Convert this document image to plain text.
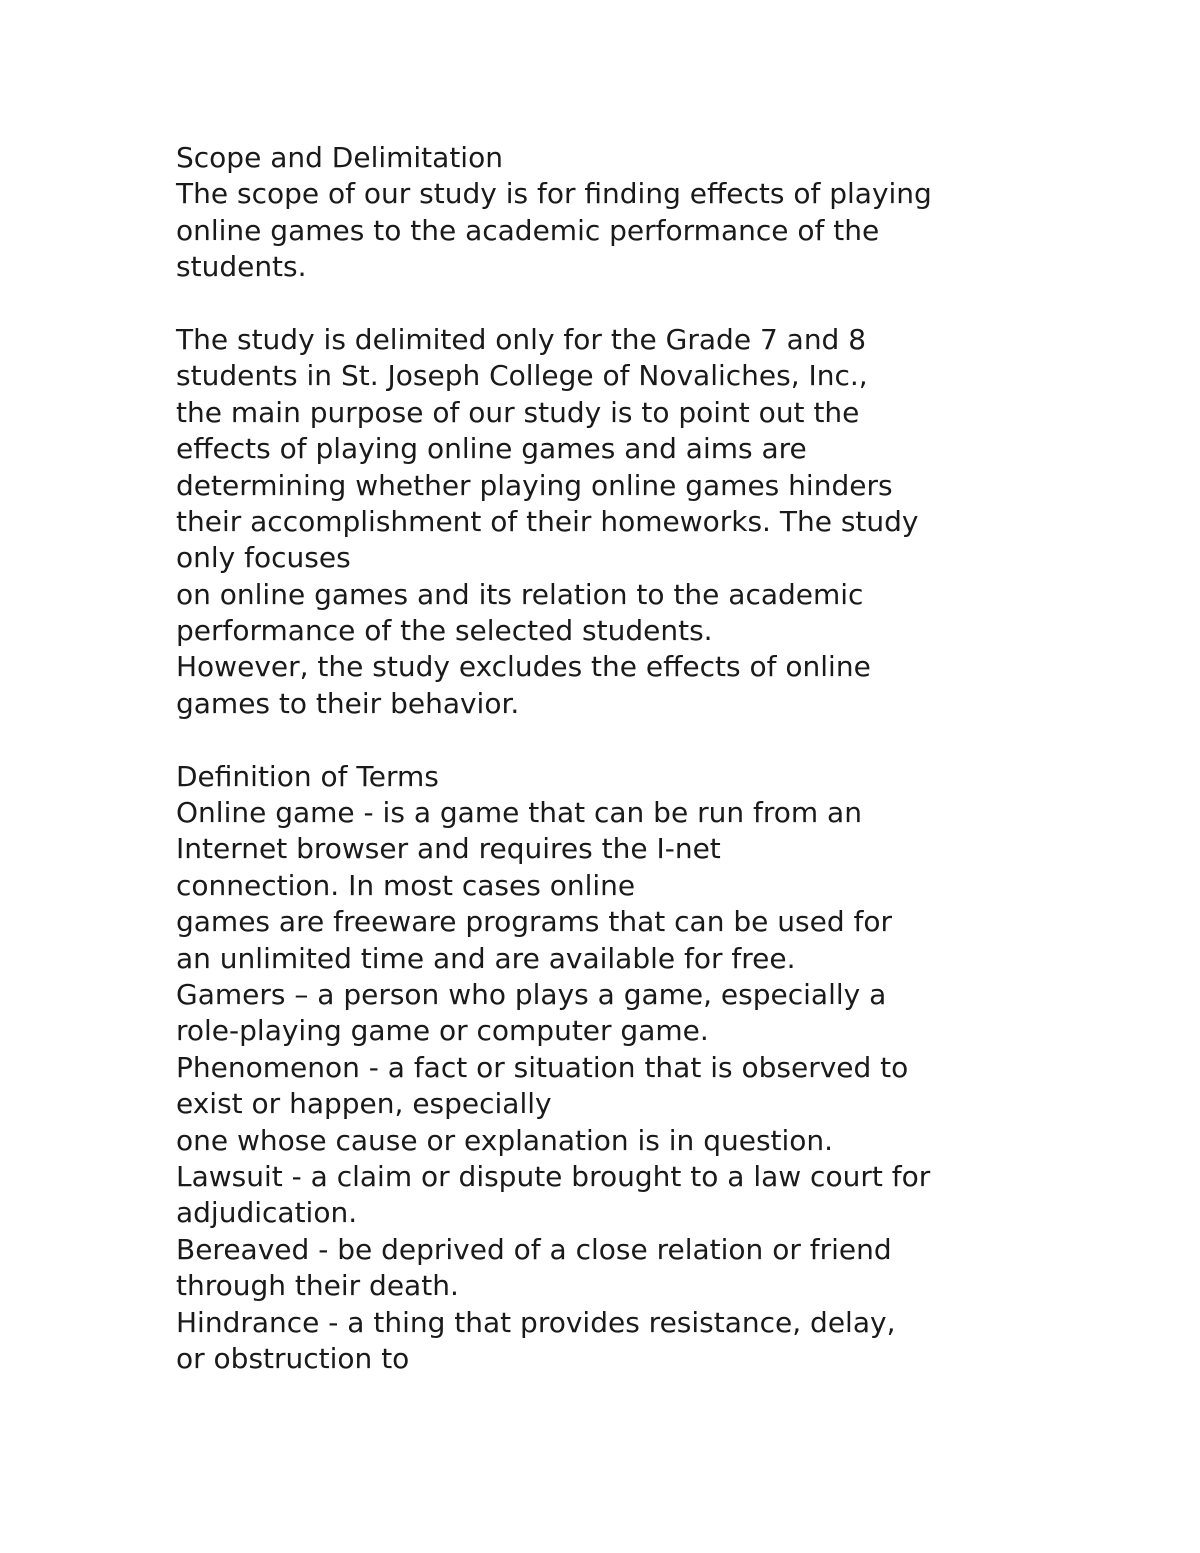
Scope and Delimitation
The scope of our study is for finding effects of playing
online games to the academic performance of the
students.
The study is delimited only for the Grade 7 and 8
students in St. Joseph College of Novaliches, Inc.,
the main purpose of our study is to point out the
effects of playing online games and aims are
determining whether playing online games hinders
their accomplishment of their homeworks. The study
only focuses
on online games and its relation to the academic
performance of the selected students.
However, the study excludes the effects of online
games to their behavior.
Definition of Terms
Online game - is a game that can be run from an
Internet browser and requires the I-net
connection. In most cases online
games are freeware programs that can be used for
an unlimited time and are available for free.
Gamers – a person who plays a game, especially a
role-playing game or computer game.
Phenomenon - a fact or situation that is observed to
exist or happen, especially
one whose cause or explanation is in question.
Lawsuit - a claim or dispute brought to a law court for
adjudication.
Bereaved - be deprived of a close relation or friend
through their death.
Hindrance - a thing that provides resistance, delay,
or obstruction to
